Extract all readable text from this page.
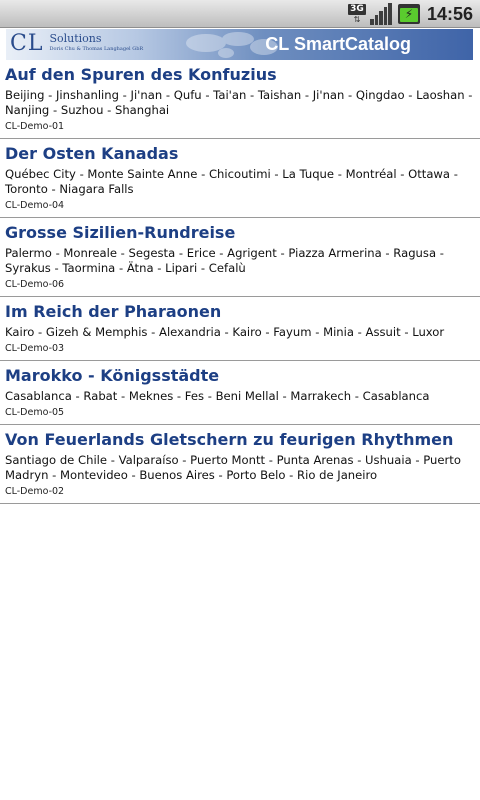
3G
⇅	⚡ 14:56
CL Solutions
Doris Chu & Thomas Langhagel GbR	CL SmartCatalog
Auf den Spuren des Konfuzius
Beijing - Jinshanling - Ji'nan - Qufu - Tai'an - Taishan - Ji'nan - Qingdao - Laoshan - Nanjing - Suzhou - Shanghai
CL-Demo-01
Der Osten Kanadas
Québec City - Monte Sainte Anne - Chicoutimi - La Tuque - Montréal - Ottawa - Toronto - Niagara Falls
CL-Demo-04
Grosse Sizilien-Rundreise
Palermo - Monreale - Segesta - Erice - Agrigent - Piazza Armerina - Ragusa - Syrakus - Taormina - Ätna - Lipari - Cefalù
CL-Demo-06
Im Reich der Pharaonen
Kairo - Gizeh & Memphis - Alexandria - Kairo - Fayum - Minia - Assuit - Luxor
CL-Demo-03
Marokko - Königsstädte
Casablanca - Rabat - Meknes - Fes - Beni Mellal - Marrakech - Casablanca
CL-Demo-05
Von Feuerlands Gletschern zu feurigen Rhythmen
Santiago de Chile - Valparaíso - Puerto Montt - Punta Arenas - Ushuaia - Puerto Madryn - Montevideo - Buenos Aires - Porto Belo - Rio de Janeiro
CL-Demo-02
